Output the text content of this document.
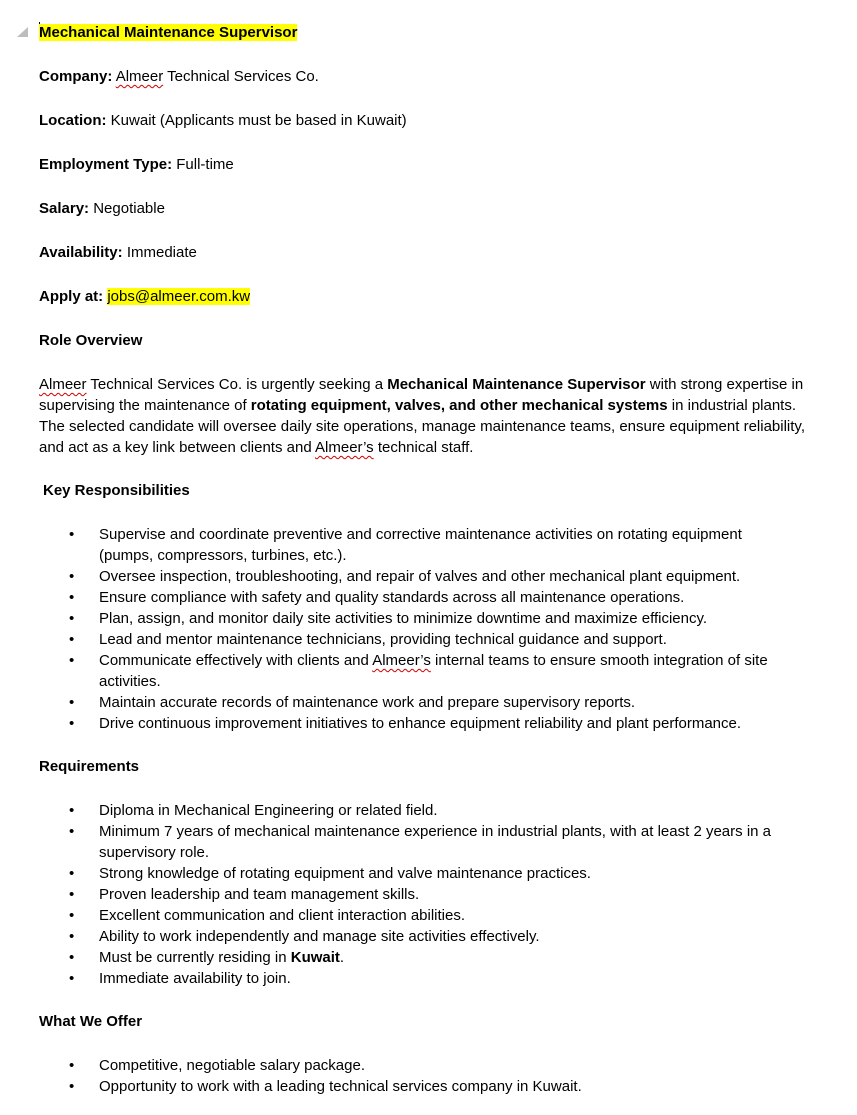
Mechanical Maintenance Supervisor

Company: Almeer Technical Services Co.

Location: Kuwait (Applicants must be based in Kuwait)

Employment Type: Full-time

Salary: Negotiable

Availability: Immediate

Apply at: jobs@almeer.com.kw

Role Overview

Almeer Technical Services Co. is urgently seeking a Mechanical Maintenance Supervisor with strong expertise in supervising the maintenance of rotating equipment, valves, and other mechanical systems in industrial plants. The selected candidate will oversee daily site operations, manage maintenance teams, ensure equipment reliability, and act as a key link between clients and Almeer’s technical staff.

Key Responsibilities

• Supervise and coordinate preventive and corrective maintenance activities on rotating equipment (pumps, compressors, turbines, etc.).
• Oversee inspection, troubleshooting, and repair of valves and other mechanical plant equipment.
• Ensure compliance with safety and quality standards across all maintenance operations.
• Plan, assign, and monitor daily site activities to minimize downtime and maximize efficiency.
• Lead and mentor maintenance technicians, providing technical guidance and support.
• Communicate effectively with clients and Almeer’s internal teams to ensure smooth integration of site activities.
• Maintain accurate records of maintenance work and prepare supervisory reports.
• Drive continuous improvement initiatives to enhance equipment reliability and plant performance.

Requirements

• Diploma in Mechanical Engineering or related field.
• Minimum 7 years of mechanical maintenance experience in industrial plants, with at least 2 years in a supervisory role.
• Strong knowledge of rotating equipment and valve maintenance practices.
• Proven leadership and team management skills.
• Excellent communication and client interaction abilities.
• Ability to work independently and manage site activities effectively.
• Must be currently residing in Kuwait.
• Immediate availability to join.

What We Offer

• Competitive, negotiable salary package.
• Opportunity to work with a leading technical services company in Kuwait.
